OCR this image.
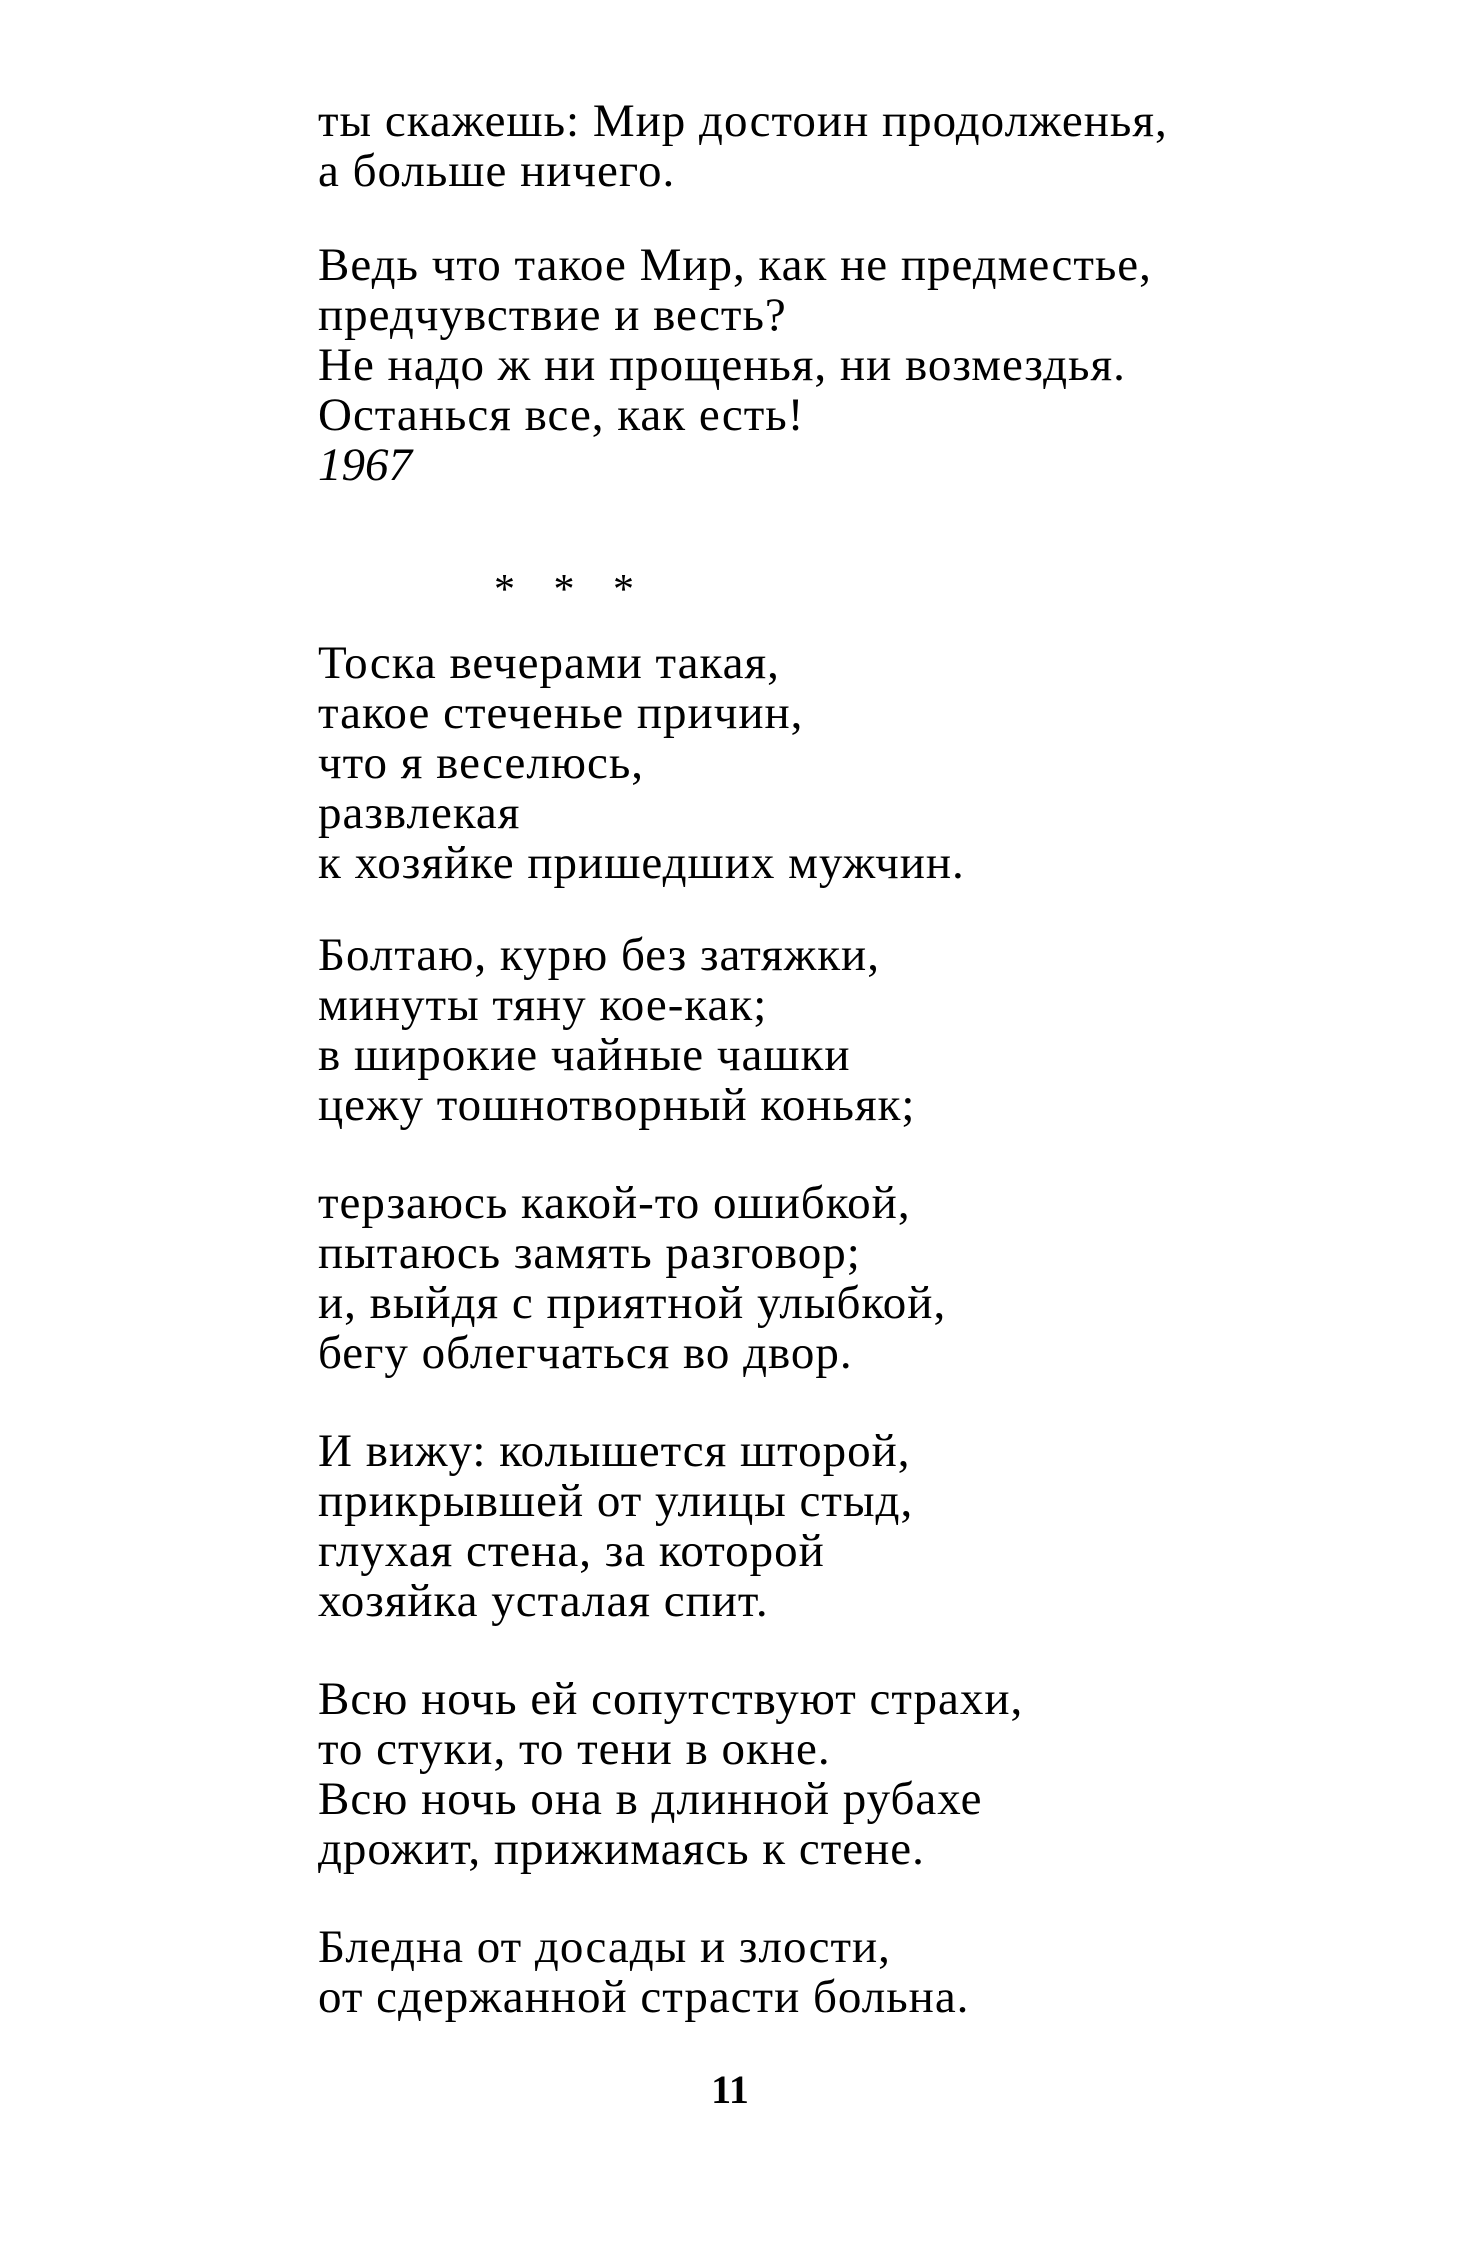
ты скажешь: Мир достоин продолженья,
а больше ничего.
Ведь что такое Мир, как не предместье,
предчувствие и весть?
Не надо ж ни прощенья, ни возмездья.
Останься все, как есть!
1967
* * *
Тоска вечерами такая,
такое стеченье причин,
что я веселюсь,
развлекая
к хозяйке пришедших мужчин.
Болтаю, курю без затяжки,
минуты тяну кое-как;
в широкие чайные чашки
цежу тошнотворный коньяк;
терзаюсь какой-то ошибкой,
пытаюсь замять разговор;
и, выйдя с приятной улыбкой,
бегу облегчаться во двор.
И вижу: колышется шторой,
прикрывшей от улицы стыд,
глухая стена, за которой
хозяйка усталая спит.
Всю ночь ей сопутствуют страхи,
то стуки, то тени в окне.
Всю ночь она в длинной рубахе
дрожит, прижимаясь к стене.
Бледна от досады и злости,
от сдержанной страсти больна.
11
